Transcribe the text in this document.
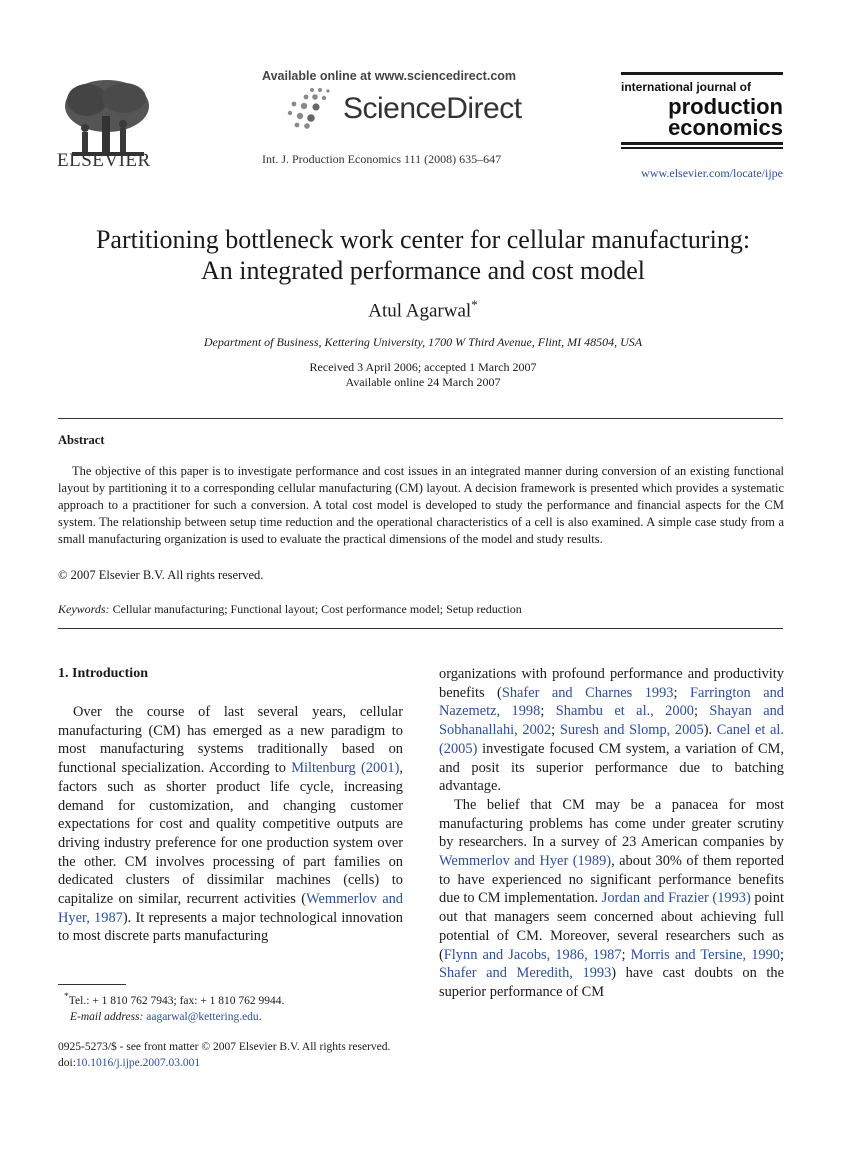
ELSEVIER
Available online at www.sciencedirect.com
ScienceDirect
Int. J. Production Economics 111 (2008) 635–647
international journal of
production
economics
www.elsevier.com/locate/ijpe
Partitioning bottleneck work center for cellular manufacturing:
An integrated performance and cost model
Atul Agarwal*
Department of Business, Kettering University, 1700 W Third Avenue, Flint, MI 48504, USA
Received 3 April 2006; accepted 1 March 2007
Available online 24 March 2007
Abstract
The objective of this paper is to investigate performance and cost issues in an integrated manner during conversion of an existing functional layout by partitioning it to a corresponding cellular manufacturing (CM) layout. A decision framework is presented which provides a systematic approach to a practitioner for such a conversion. A total cost model is developed to study the performance and financial aspects for the CM system. The relationship between setup time reduction and the operational characteristics of a cell is also examined. A simple case study from a small manufacturing organization is used to evaluate the practical dimensions of the model and study results.
© 2007 Elsevier B.V. All rights reserved.
Keywords: Cellular manufacturing; Functional layout; Cost performance model; Setup reduction
1. Introduction

Over the course of last several years, cellular manufacturing (CM) has emerged as a new paradigm to most manufacturing systems traditionally based on functional specialization. According to Miltenburg (2001), factors such as shorter product life cycle, increasing demand for customization, and changing customer expectations for cost and quality competitive outputs are driving industry preference for one production system over the other. CM involves processing of part families on dedicated clusters of dissimilar machines (cells) to capitalize on similar, recurrent activities (Wemmerlov and Hyer, 1987). It represents a major technological innovation to most discrete parts manufacturing

organizations with profound performance and productivity benefits (Shafer and Charnes 1993; Farrington and Nazemetz, 1998; Shambu et al., 2000; Shayan and Sobhanallahi, 2002; Suresh and Slomp, 2005). Canel et al. (2005) investigate focused CM system, a variation of CM, and posit its superior performance due to batching advantage.

The belief that CM may be a panacea for most manufacturing problems has come under greater scrutiny by researchers. In a survey of 23 American companies by Wemmerlov and Hyer (1989), about 30% of them reported to have experienced no significant performance benefits due to CM implementation. Jordan and Frazier (1993) point out that managers seem concerned about achieving full potential of CM. Moreover, several researchers such as (Flynn and Jacobs, 1986, 1987; Morris and Tersine, 1990; Shafer and Meredith, 1993) have cast doubts on the superior performance of CM

*Tel.: + 1 810 762 7943; fax: + 1 810 762 9944.
E-mail address: aagarwal@kettering.edu.
0925-5273/$ - see front matter © 2007 Elsevier B.V. All rights reserved.
doi:10.1016/j.ijpe.2007.03.001
